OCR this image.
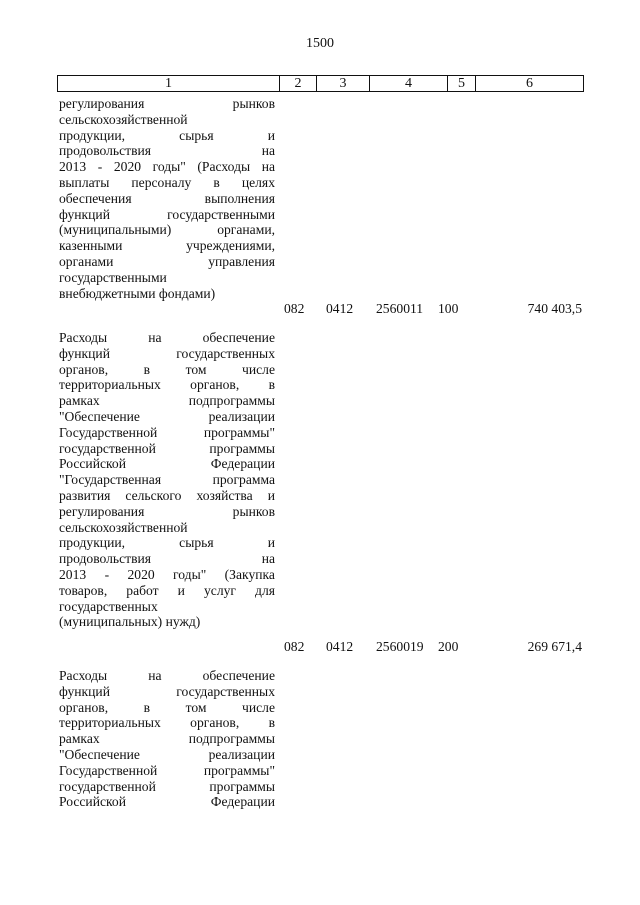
1500
1	2	3	4	5	6
регулирования	рынков
сельскохозяйственной
продукции,	сырья	и
продовольствия	на
2013 - 2020 годы" (Расходы на
выплаты персоналу в целях
обеспечения	выполнения
функций	государственными
(муниципальными)	органами,
казенными	учреждениями,
органами	управления
государственными
внебюджетными фондами)
082 0412 2560011 100	740 403,5
Расходы	на	обеспечение
функций	государственных
органов,	в	том	числе
территориальных органов, в
рамках	подпрограммы
"Обеспечение	реализации
Государственной	программы"
государственной	программы
Российской	Федерации
"Государственная	программа
развития сельского хозяйства и
регулирования	рынков
сельскохозяйственной
продукции,	сырья	и
продовольствия	на
2013 - 2020 годы" (Закупка
товаров, работ и услуг для
государственных
(муниципальных) нужд)
082 0412 2560019 200	269 671,4
Расходы	на	обеспечение
функций	государственных
органов,	в	том	числе
территориальных органов, в
рамках	подпрограммы
"Обеспечение	реализации
Государственной	программы"
государственной	программы
Российской	Федерации
